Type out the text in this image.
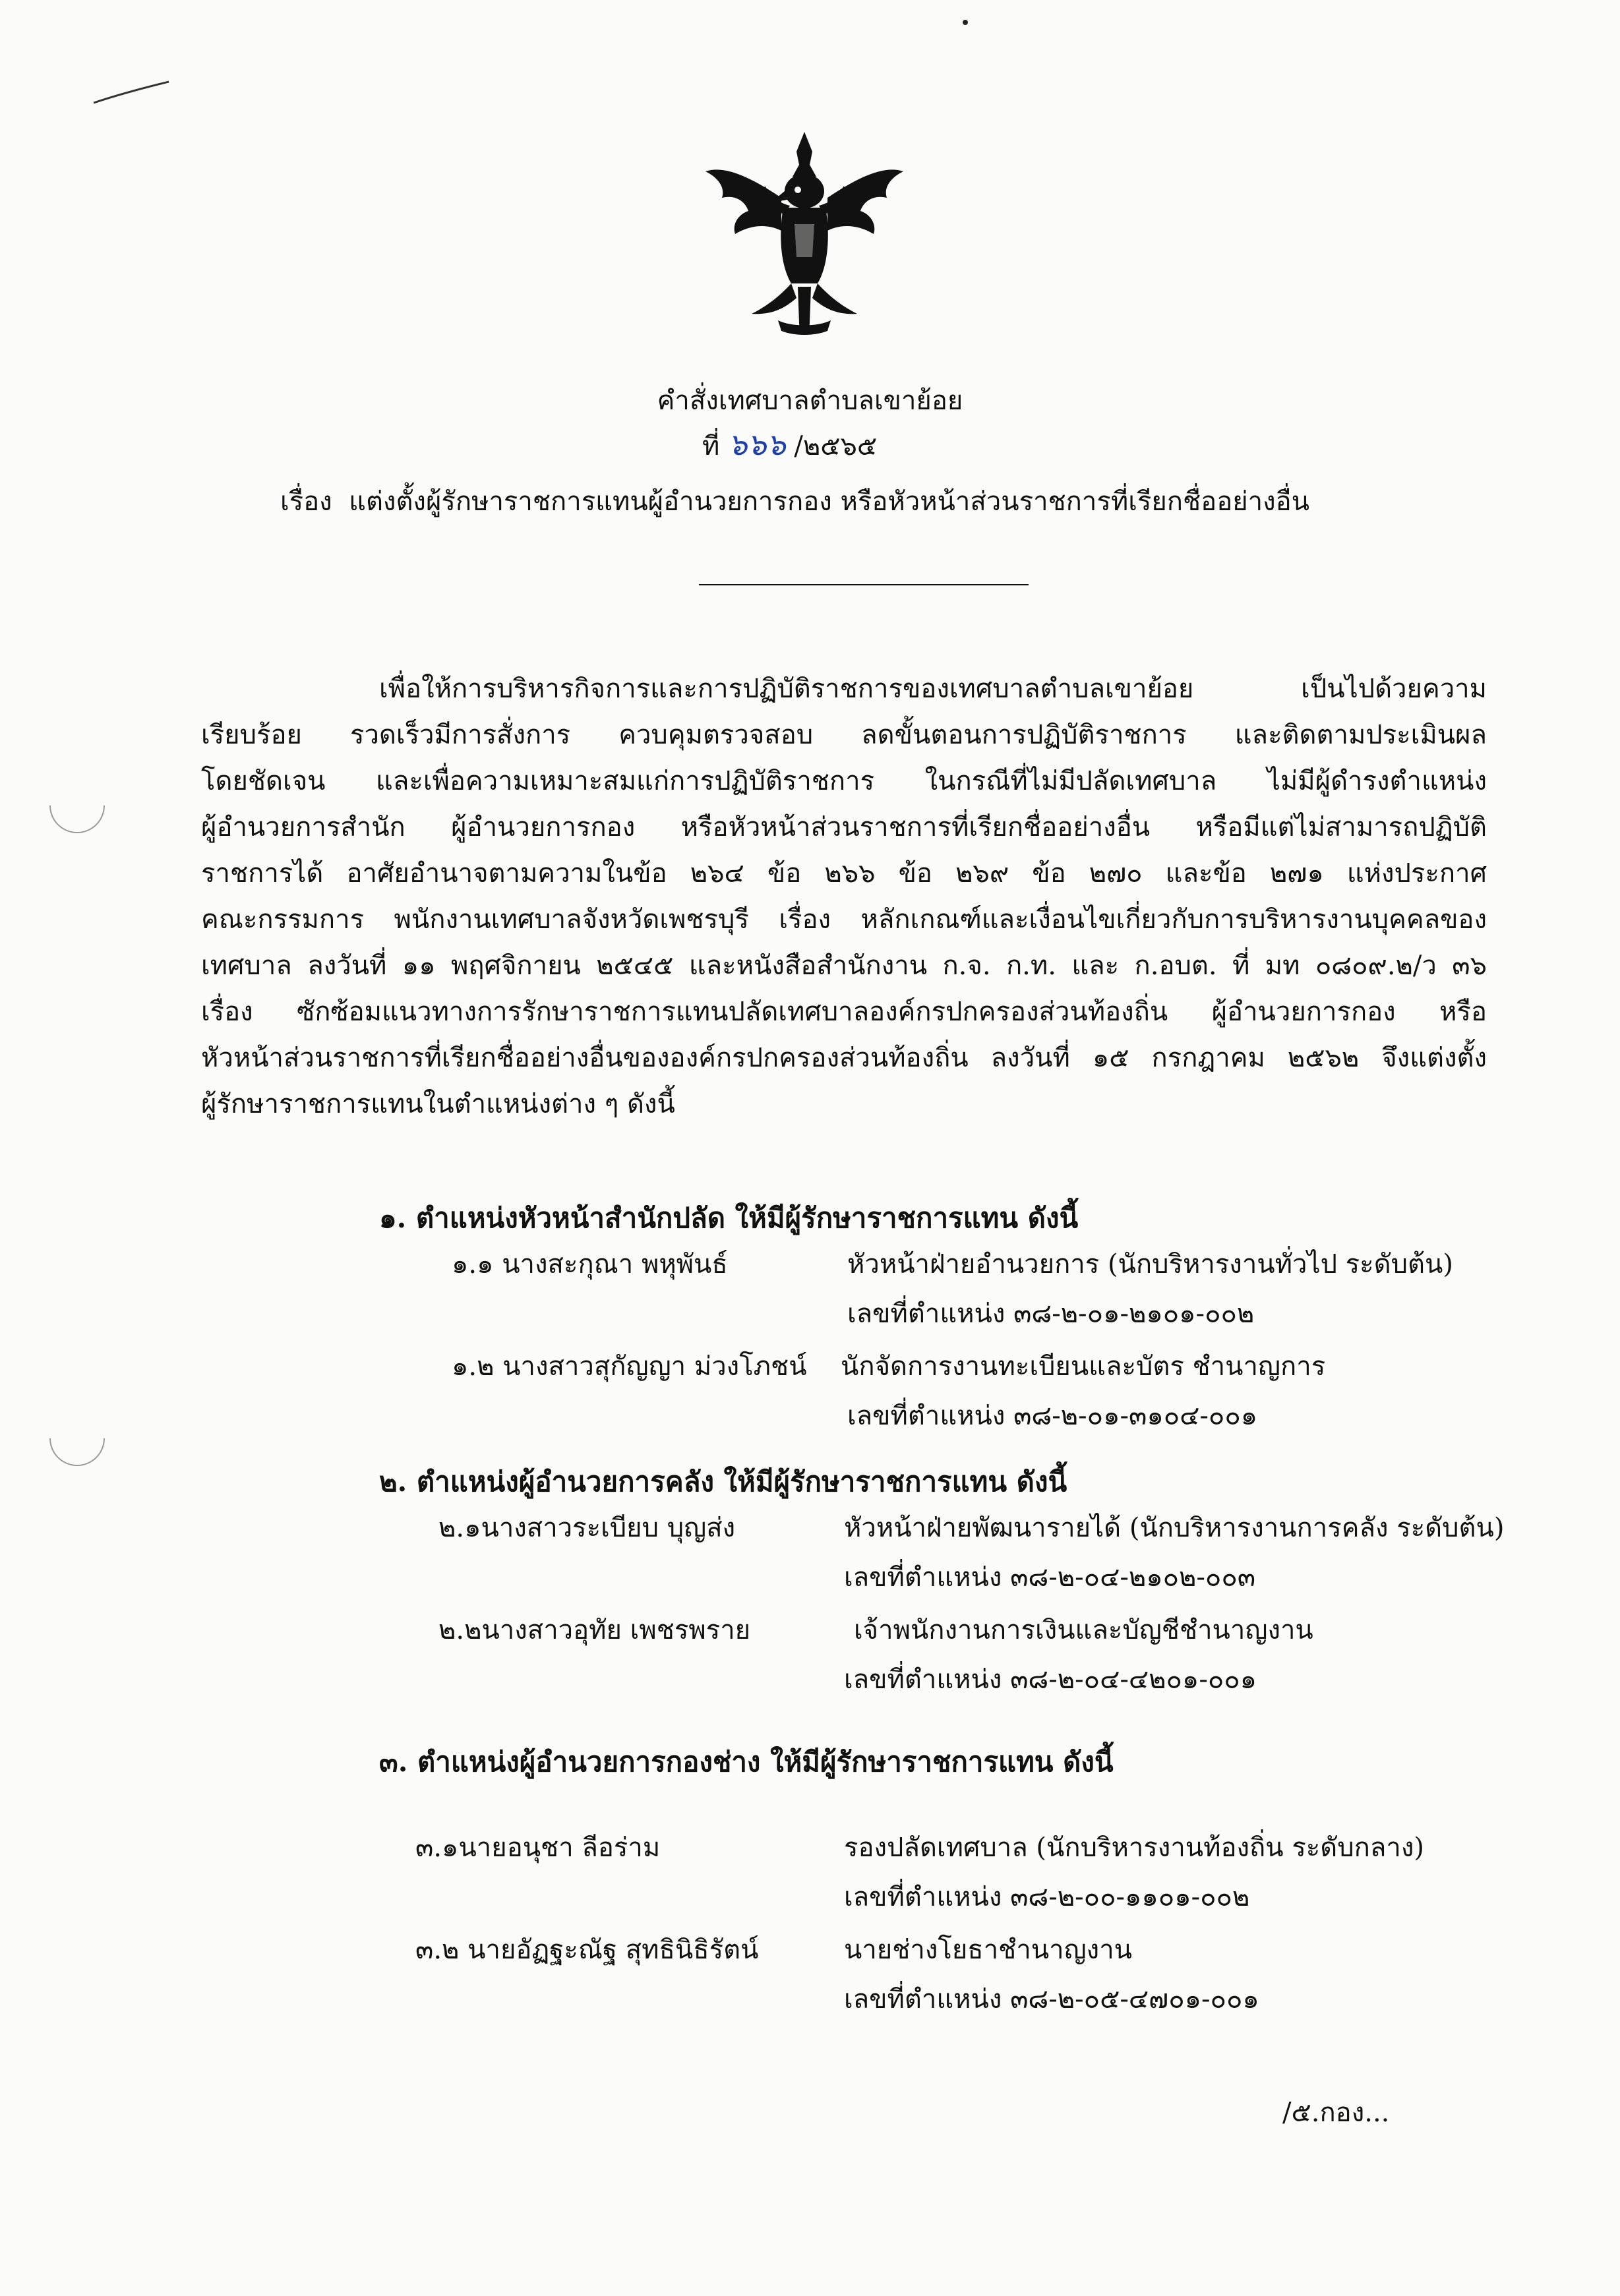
คำสั่งเทศบาลตำบลเขาย้อย
ที่ ๖๖๖ /๒๕๖๕
เรื่อง แต่งตั้งผู้รักษาราชการแทนผู้อำนวยการกอง หรือหัวหน้าส่วนราชการที่เรียกชื่ออย่างอื่น
เพื่อให้การบริหารกิจการและการปฏิบัติราชการของเทศบาลตำบลเขาย้อย เป็นไปด้วยความ
เรียบร้อย รวดเร็วมีการสั่งการ ควบคุมตรวจสอบ ลดขั้นตอนการปฏิบัติราชการ และติดตามประเมินผล
โดยชัดเจน และเพื่อความเหมาะสมแก่การปฏิบัติราชการ ในกรณีที่ไม่มีปลัดเทศบาล ไม่มีผู้ดำรงตำแหน่ง
ผู้อำนวยการสำนัก ผู้อำนวยการกอง หรือหัวหน้าส่วนราชการที่เรียกชื่ออย่างอื่น หรือมีแต่ไม่สามารถปฏิบัติ
ราชการได้ อาศัยอำนาจตามความในข้อ ๒๖๔ ข้อ ๒๖๖ ข้อ ๒๖๙ ข้อ ๒๗๐ และข้อ ๒๗๑ แห่งประกาศ
คณะกรรมการ พนักงานเทศบาลจังหวัดเพชรบุรี เรื่อง หลักเกณฑ์และเงื่อนไขเกี่ยวกับการบริหารงานบุคคลของ
เทศบาล ลงวันที่ ๑๑ พฤศจิกายน ๒๕๔๕ และหนังสือสำนักงาน ก.จ. ก.ท. และ ก.อบต. ที่ มท ๐๘๐๙.๒/ว ๓๖
เรื่อง ซักซ้อมแนวทางการรักษาราชการแทนปลัดเทศบาลองค์กรปกครองส่วนท้องถิ่น ผู้อำนวยการกอง หรือ
หัวหน้าส่วนราชการที่เรียกชื่ออย่างอื่นขององค์กรปกครองส่วนท้องถิ่น ลงวันที่ ๑๕ กรกฎาคม ๒๕๖๒ จึงแต่งตั้ง
ผู้รักษาราชการแทนในตำแหน่งต่าง ๆ ดังนี้
๑. ตำแหน่งหัวหน้าสำนักปลัด ให้มีผู้รักษาราชการแทน ดังนี้
๑.๑ นางสะกุณา พหุพันธ์	หัวหน้าฝ่ายอำนวยการ (นักบริหารงานทั่วไป ระดับต้น)
เลขที่ตำแหน่ง ๓๘-๒-๐๑-๒๑๐๑-๐๐๒
๑.๒ นางสาวสุกัญญา ม่วงโภชน์ นักจัดการงานทะเบียนและบัตร ชำนาญการ
เลขที่ตำแหน่ง ๓๘-๒-๐๑-๓๑๐๔-๐๐๑
๒. ตำแหน่งผู้อำนวยการคลัง ให้มีผู้รักษาราชการแทน ดังนี้
๒.๑นางสาวระเบียบ บุญส่ง	หัวหน้าฝ่ายพัฒนารายได้ (นักบริหารงานการคลัง ระดับต้น)
เลขที่ตำแหน่ง ๓๘-๒-๐๔-๒๑๐๒-๐๐๓
๒.๒นางสาวอุทัย เพชรพราย	เจ้าพนักงานการเงินและบัญชีชำนาญงาน
เลขที่ตำแหน่ง ๓๘-๒-๐๔-๔๒๐๑-๐๐๑
๓. ตำแหน่งผู้อำนวยการกองช่าง ให้มีผู้รักษาราชการแทน ดังนี้
๓.๑นายอนุชา ลีอร่าม	รองปลัดเทศบาล (นักบริหารงานท้องถิ่น ระดับกลาง)
เลขที่ตำแหน่ง ๓๘-๒-๐๐-๑๑๐๑-๐๐๒
๓.๒ นายอัฏฐะณัฐ สุทธินิธิรัตน์	นายช่างโยธาชำนาญงาน
เลขที่ตำแหน่ง ๓๘-๒-๐๕-๔๗๐๑-๐๐๑
/๕.กอง...
